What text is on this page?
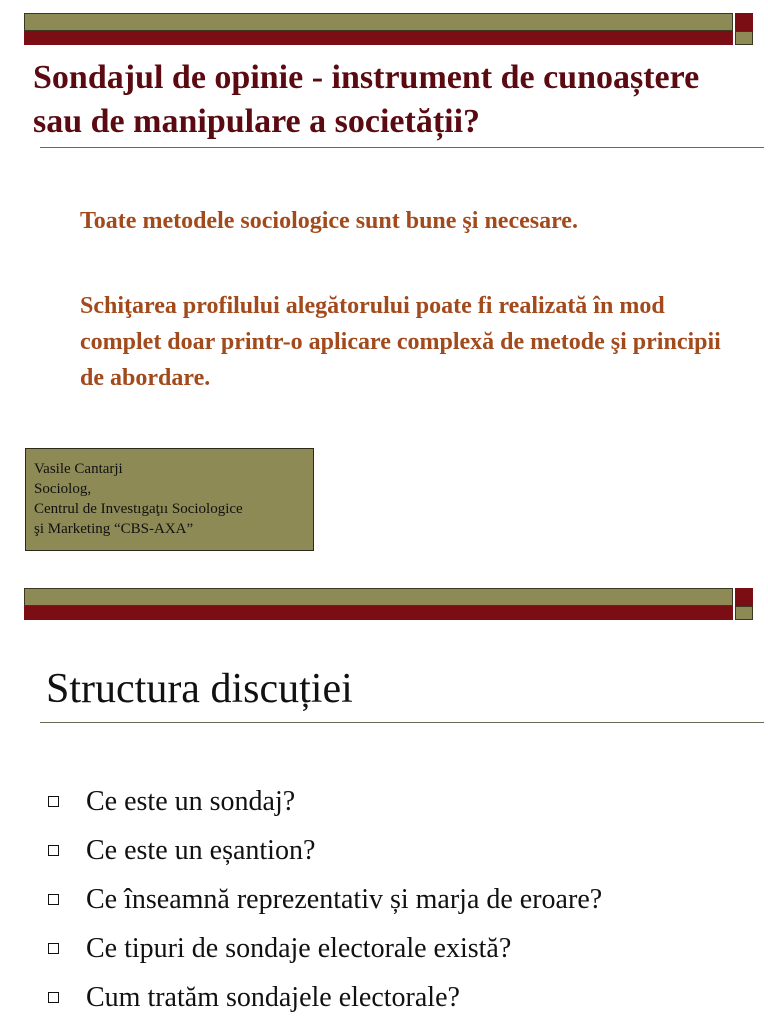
Sondajul de opinie - instrument de cunoaștere sau de manipulare a societății?

Toate metodele sociologice sunt bune şi necesare.

Schiţarea profilului alegătorului poate fi realizată în mod complet doar printr-o aplicare complexă de metode şi principii de abordare.

Vasile Cantarji
Sociolog,
Centrul de Investıgaţıı Sociologice
şi Marketing “CBS-AXA”
Structura discuției
Ce este un sondaj?
Ce este un eșantion?
Ce înseamnă reprezentativ și marja de eroare?
Ce tipuri de sondaje electorale există?
Cum tratăm sondajele electorale?
